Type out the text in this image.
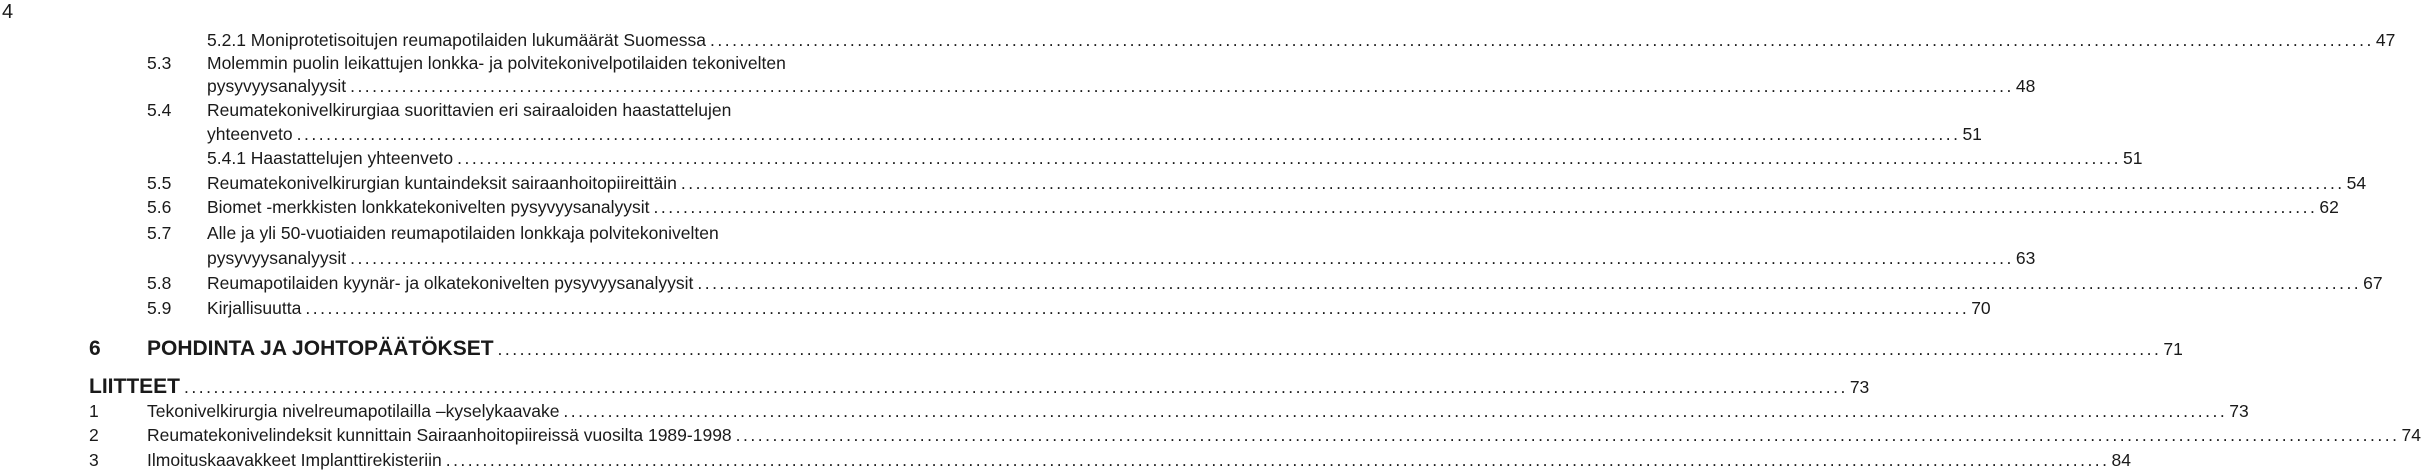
4
5.2.1 Moniprotetisoitujen reumapotilaiden lukumäärät Suomessa .................................................................................................................................................................................................................................. 47
5.3	Molemmin puolin leikattujen lonkka- ja polvitekonivelpotilaiden tekonivelten
pysyvyysanalyysit .................................................................................................................................................................................................................................. 48
5.4	Reumatekonivelkirurgiaa suorittavien eri sairaaloiden haastattelujen
yhteenveto .................................................................................................................................................................................................................................. 51
5.4.1 Haastattelujen yhteenveto .................................................................................................................................................................................................................................. 51
5.5	Reumatekonivelkirurgian kuntaindeksit sairaanhoitopiireittäin .................................................................................................................................................................................................................................. 54
5.6	Biomet -merkkisten lonkkatekonivelten pysyvyysanalyysit .................................................................................................................................................................................................................................. 62
5.7	Alle ja yli 50-vuotiaiden reumapotilaiden lonkkaja polvitekonivelten
pysyvyysanalyysit .................................................................................................................................................................................................................................. 63
5.8	Reumapotilaiden kyynär- ja olkatekonivelten pysyvyysanalyysit .................................................................................................................................................................................................................................. 67
5.9	Kirjallisuutta .................................................................................................................................................................................................................................. 70
6	POHDINTA JA JOHTOPÄÄTÖKSET .................................................................................................................................................................................................................................. 71
LIITTEET .................................................................................................................................................................................................................................. 73
1	Tekonivelkirurgia nivelreumapotilailla –kyselykaavake .................................................................................................................................................................................................................................. 73
2	Reumatekonivelindeksit kunnittain Sairaanhoitopiireissä vuosilta 1989-1998 .................................................................................................................................................................................................................................. 74
3	Ilmoituskaavakkeet Implanttirekisteriin .................................................................................................................................................................................................................................. 84
